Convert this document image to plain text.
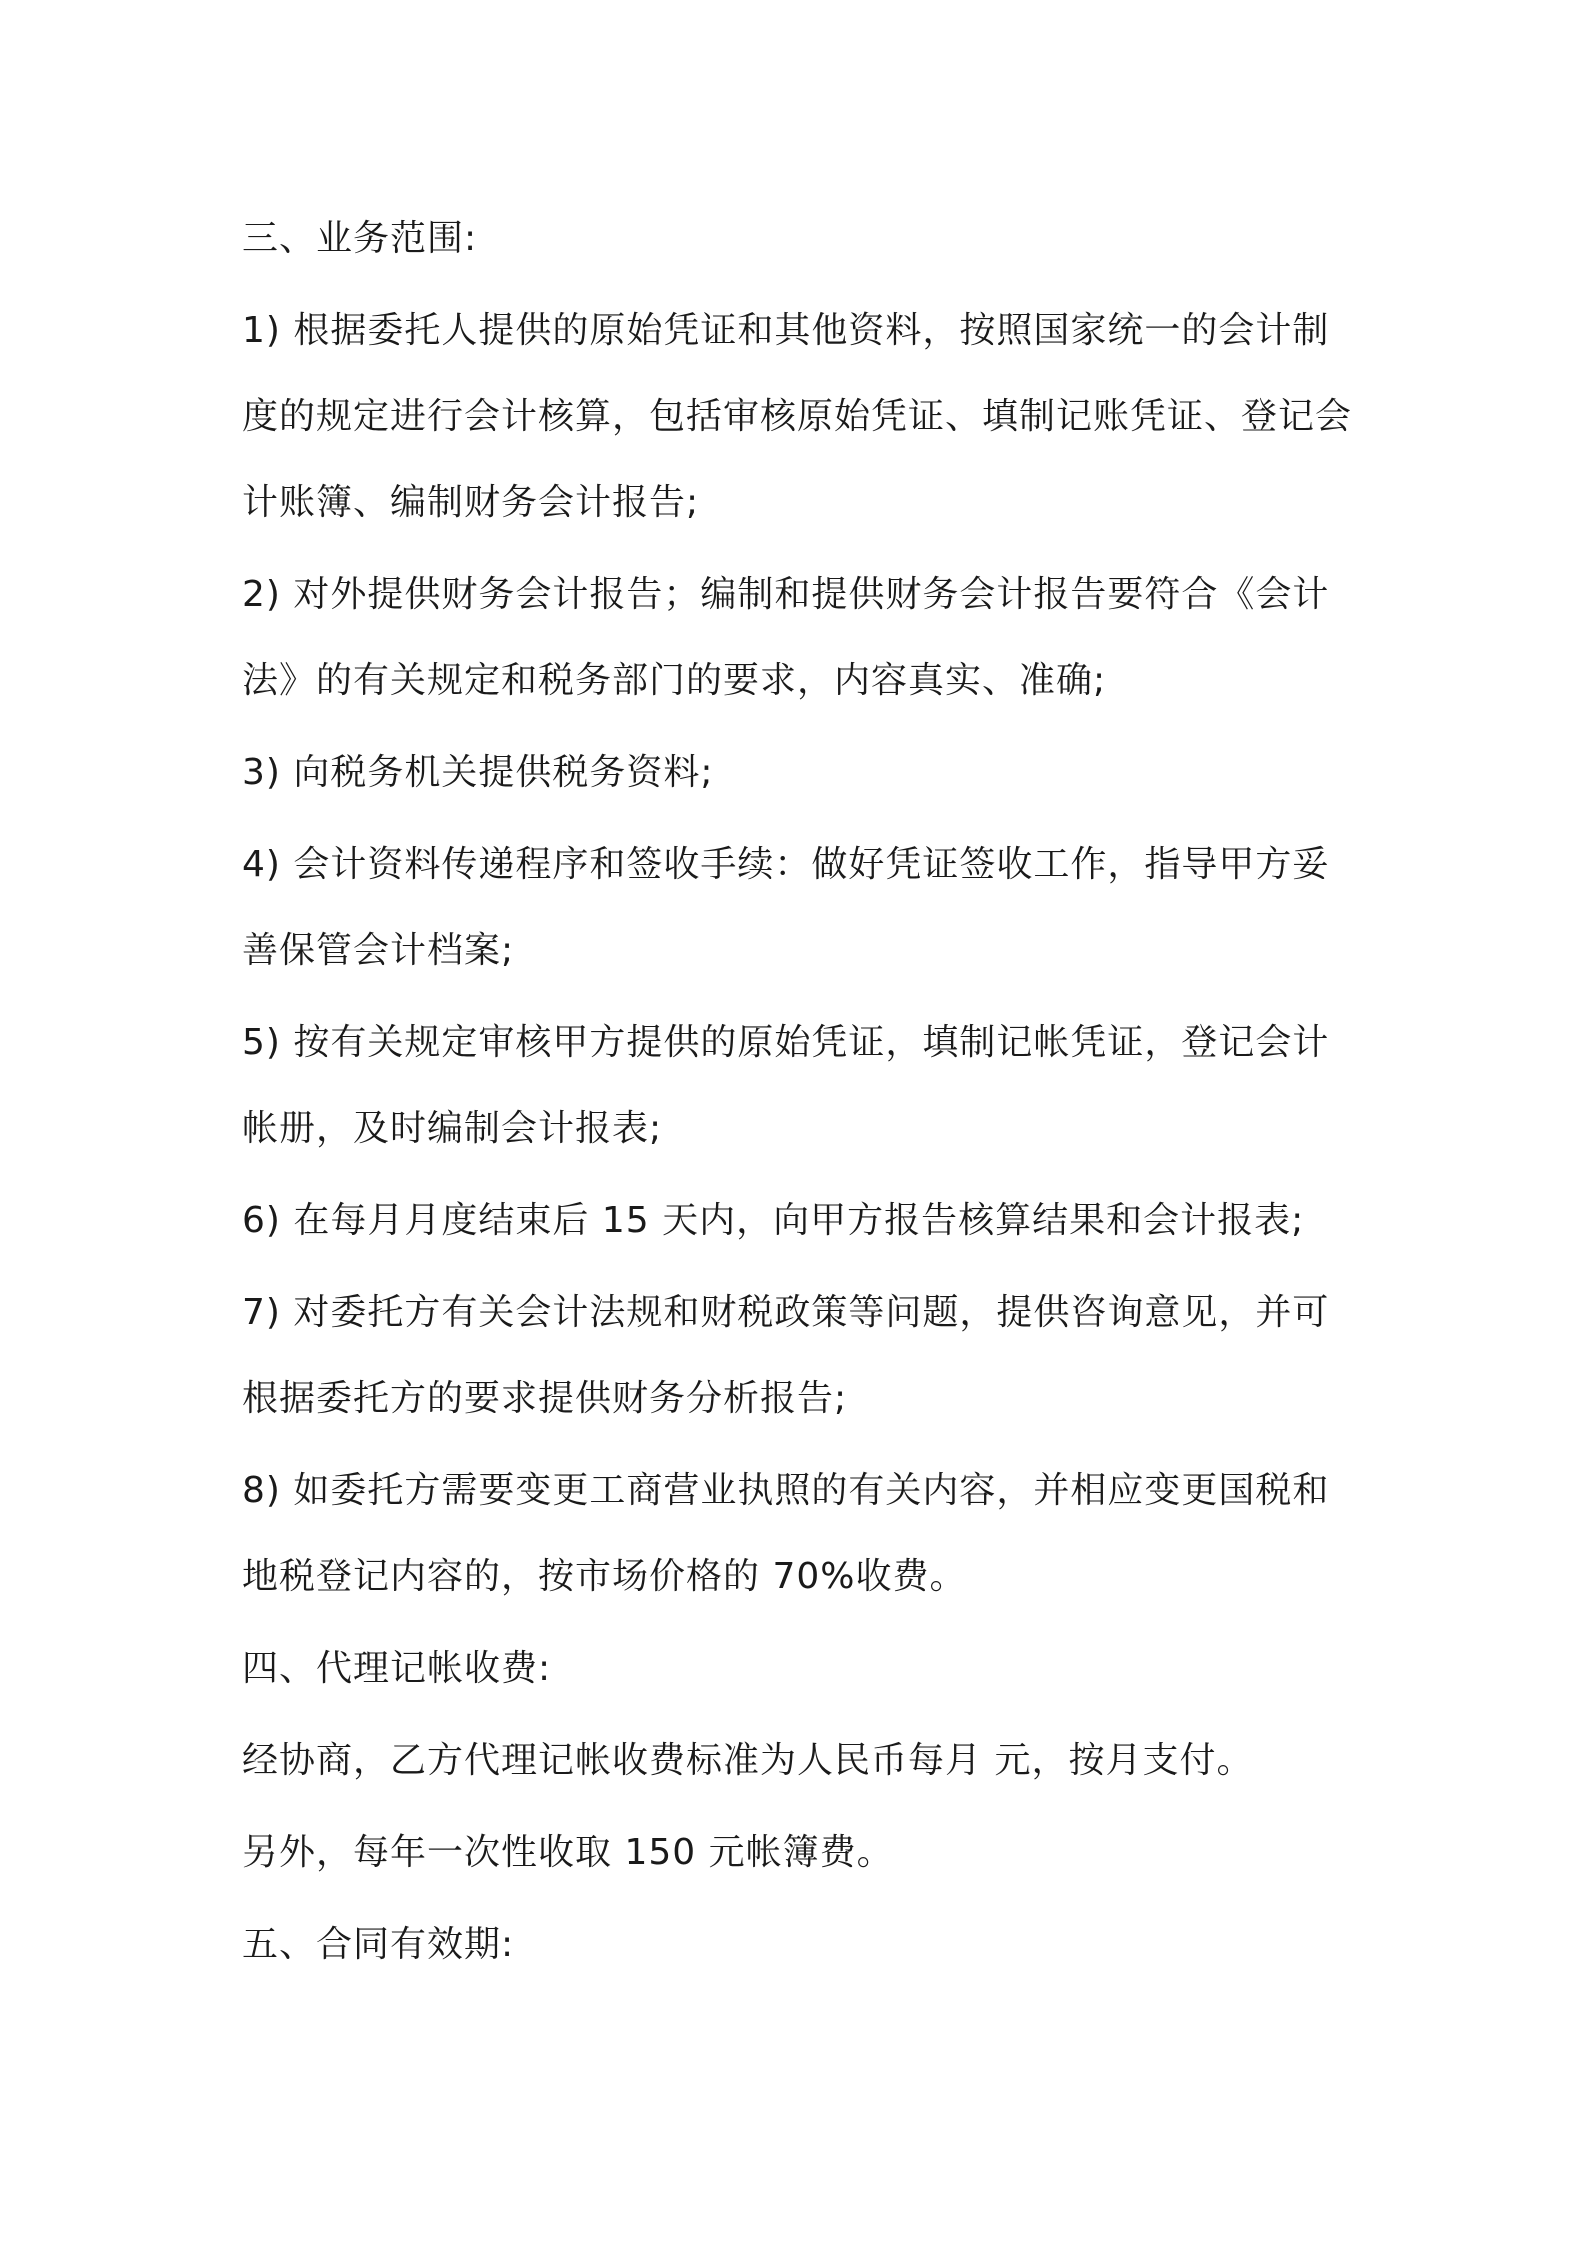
三、业务范围:
1) 根据委托人提供的原始凭证和其他资料，按照国家统一的会计制
度的规定进行会计核算，包括审核原始凭证、填制记账凭证、登记会
计账簿、编制财务会计报告;
2) 对外提供财务会计报告；编制和提供财务会计报告要符合《会计
法》的有关规定和税务部门的要求，内容真实、准确;
3) 向税务机关提供税务资料;
4) 会计资料传递程序和签收手续：做好凭证签收工作，指导甲方妥
善保管会计档案;
5) 按有关规定审核甲方提供的原始凭证，填制记帐凭证，登记会计
帐册，及时编制会计报表;
6) 在每月月度结束后 15 天内，向甲方报告核算结果和会计报表;
7) 对委托方有关会计法规和财税政策等问题，提供咨询意见，并可
根据委托方的要求提供财务分析报告;
8) 如委托方需要变更工商营业执照的有关内容，并相应变更国税和
地税登记内容的，按市场价格的 70%收费。
四、代理记帐收费:
经协商，乙方代理记帐收费标准为人民币每月 元，按月支付。
另外，每年一次性收取 150 元帐簿费。
五、合同有效期:
